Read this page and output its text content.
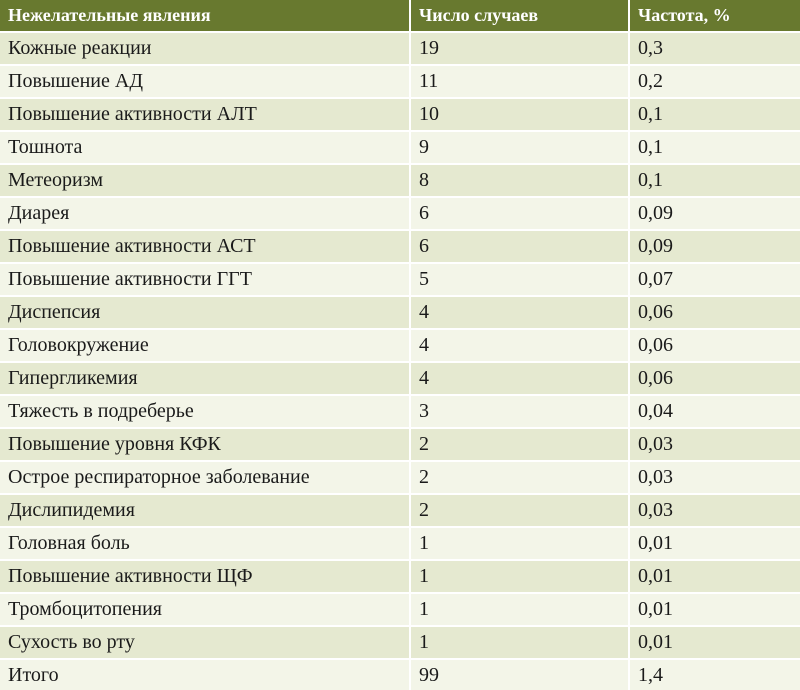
Нежелательные явления	Число случаев	Частота, %
Кожные реакции	19	0,3
Повышение АД	11	0,2
Повышение активности АЛТ	10	0,1
Тошнота	9	0,1
Метеоризм	8	0,1
Диарея	6	0,09
Повышение активности АСТ	6	0,09
Повышение активности ГГТ	5	0,07
Диспепсия	4	0,06
Головокружение	4	0,06
Гипергликемия	4	0,06
Тяжесть в подреберье	3	0,04
Повышение уровня КФК	2	0,03
Острое респираторное заболевание	2	0,03
Дислипидемия	2	0,03
Головная боль	1	0,01
Повышение активности ЩФ	1	0,01
Тромбоцитопения	1	0,01
Сухость во рту	1	0,01
Итого	99	1,4
